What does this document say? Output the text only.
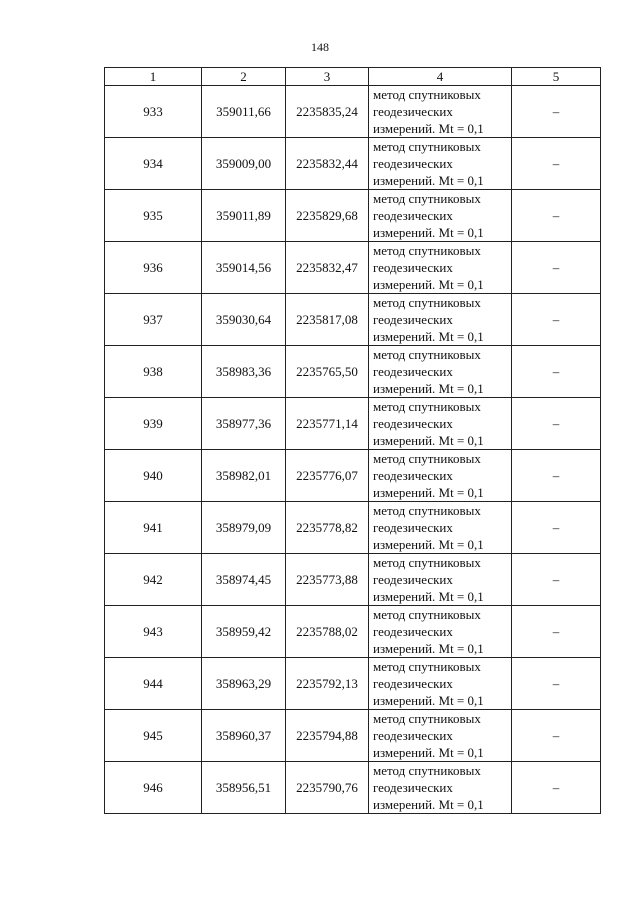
148
1	2	3	4	5
933	359011,66	2235835,24	метод спутниковых
геодезических
измерений. Mt = 0,1	–
934	359009,00	2235832,44	метод спутниковых
геодезических
измерений. Mt = 0,1	–
935	359011,89	2235829,68	метод спутниковых
геодезических
измерений. Mt = 0,1	–
936	359014,56	2235832,47	метод спутниковых
геодезических
измерений. Mt = 0,1	–
937	359030,64	2235817,08	метод спутниковых
геодезических
измерений. Mt = 0,1	–
938	358983,36	2235765,50	метод спутниковых
геодезических
измерений. Mt = 0,1	–
939	358977,36	2235771,14	метод спутниковых
геодезических
измерений. Mt = 0,1	–
940	358982,01	2235776,07	метод спутниковых
геодезических
измерений. Mt = 0,1	–
941	358979,09	2235778,82	метод спутниковых
геодезических
измерений. Mt = 0,1	–
942	358974,45	2235773,88	метод спутниковых
геодезических
измерений. Mt = 0,1	–
943	358959,42	2235788,02	метод спутниковых
геодезических
измерений. Mt = 0,1	–
944	358963,29	2235792,13	метод спутниковых
геодезических
измерений. Mt = 0,1	–
945	358960,37	2235794,88	метод спутниковых
геодезических
измерений. Mt = 0,1	–
946	358956,51	2235790,76	метод спутниковых
геодезических
измерений. Mt = 0,1	–
